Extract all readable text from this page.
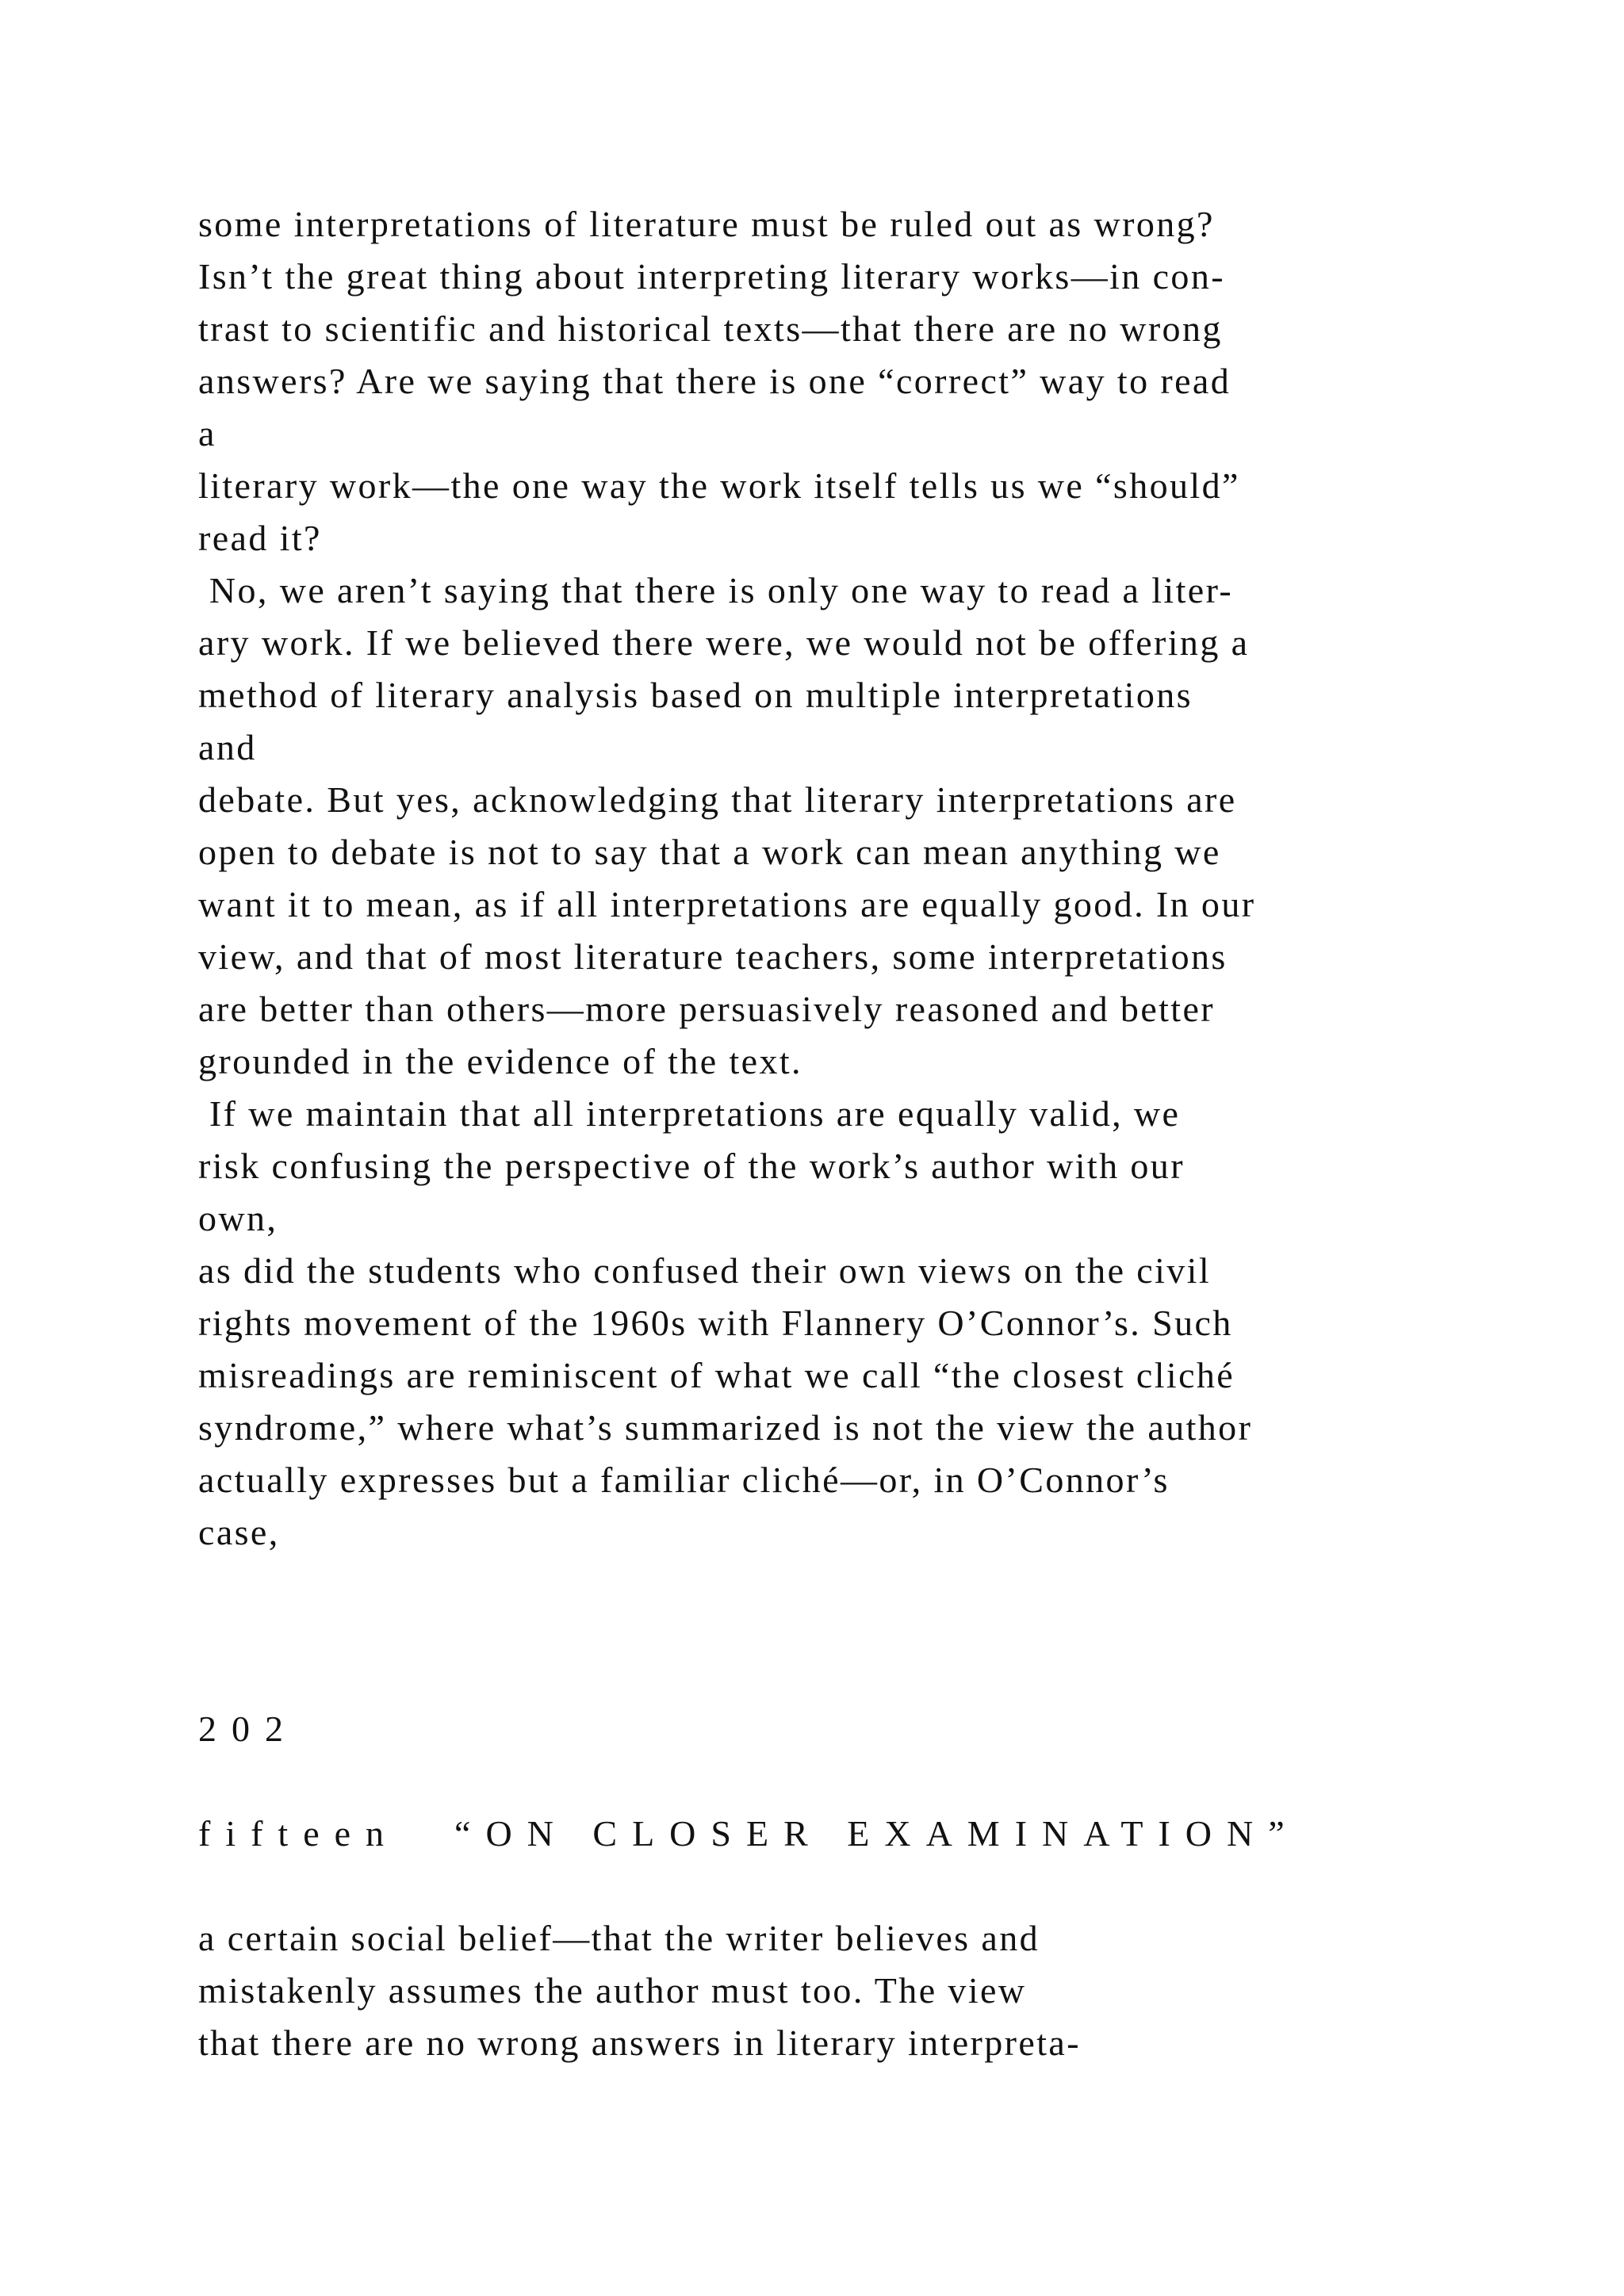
some interpretations of literature must be ruled out as wrong?
Isn’t the great thing about interpreting literary works—in con-
trast to scientific and historical texts—that there are no wrong
answers? Are we saying that there is one “correct” way to read
a
literary work—the one way the work itself tells us we “should”
read it?
No, we aren’t saying that there is only one way to read a liter-
ary work. If we believed there were, we would not be offering a
method of literary analysis based on multiple interpretations
and
debate. But yes, acknowledging that literary interpretations are
open to debate is not to say that a work can mean anything we
want it to mean, as if all interpretations are equally good. In our
view, and that of most literature teachers, some interpretations
are better than others—more persuasively reasoned and better
grounded in the evidence of the text.
If we maintain that all interpretations are equally valid, we
risk confusing the perspective of the work’s author with our
own,
as did the students who confused their own views on the civil
rights movement of the 1960s with Flannery O’Connor’s. Such
misreadings are reminiscent of what we call “the closest cliché
syndrome,” where what’s summarized is not the view the author
actually expresses but a familiar cliché—or, in O’Connor’s
case,
202
fifteen “ON CLOSER EXAMINATION”
a certain social belief—that the writer believes and
mistakenly assumes the author must too. The view
that there are no wrong answers in literary interpreta-
